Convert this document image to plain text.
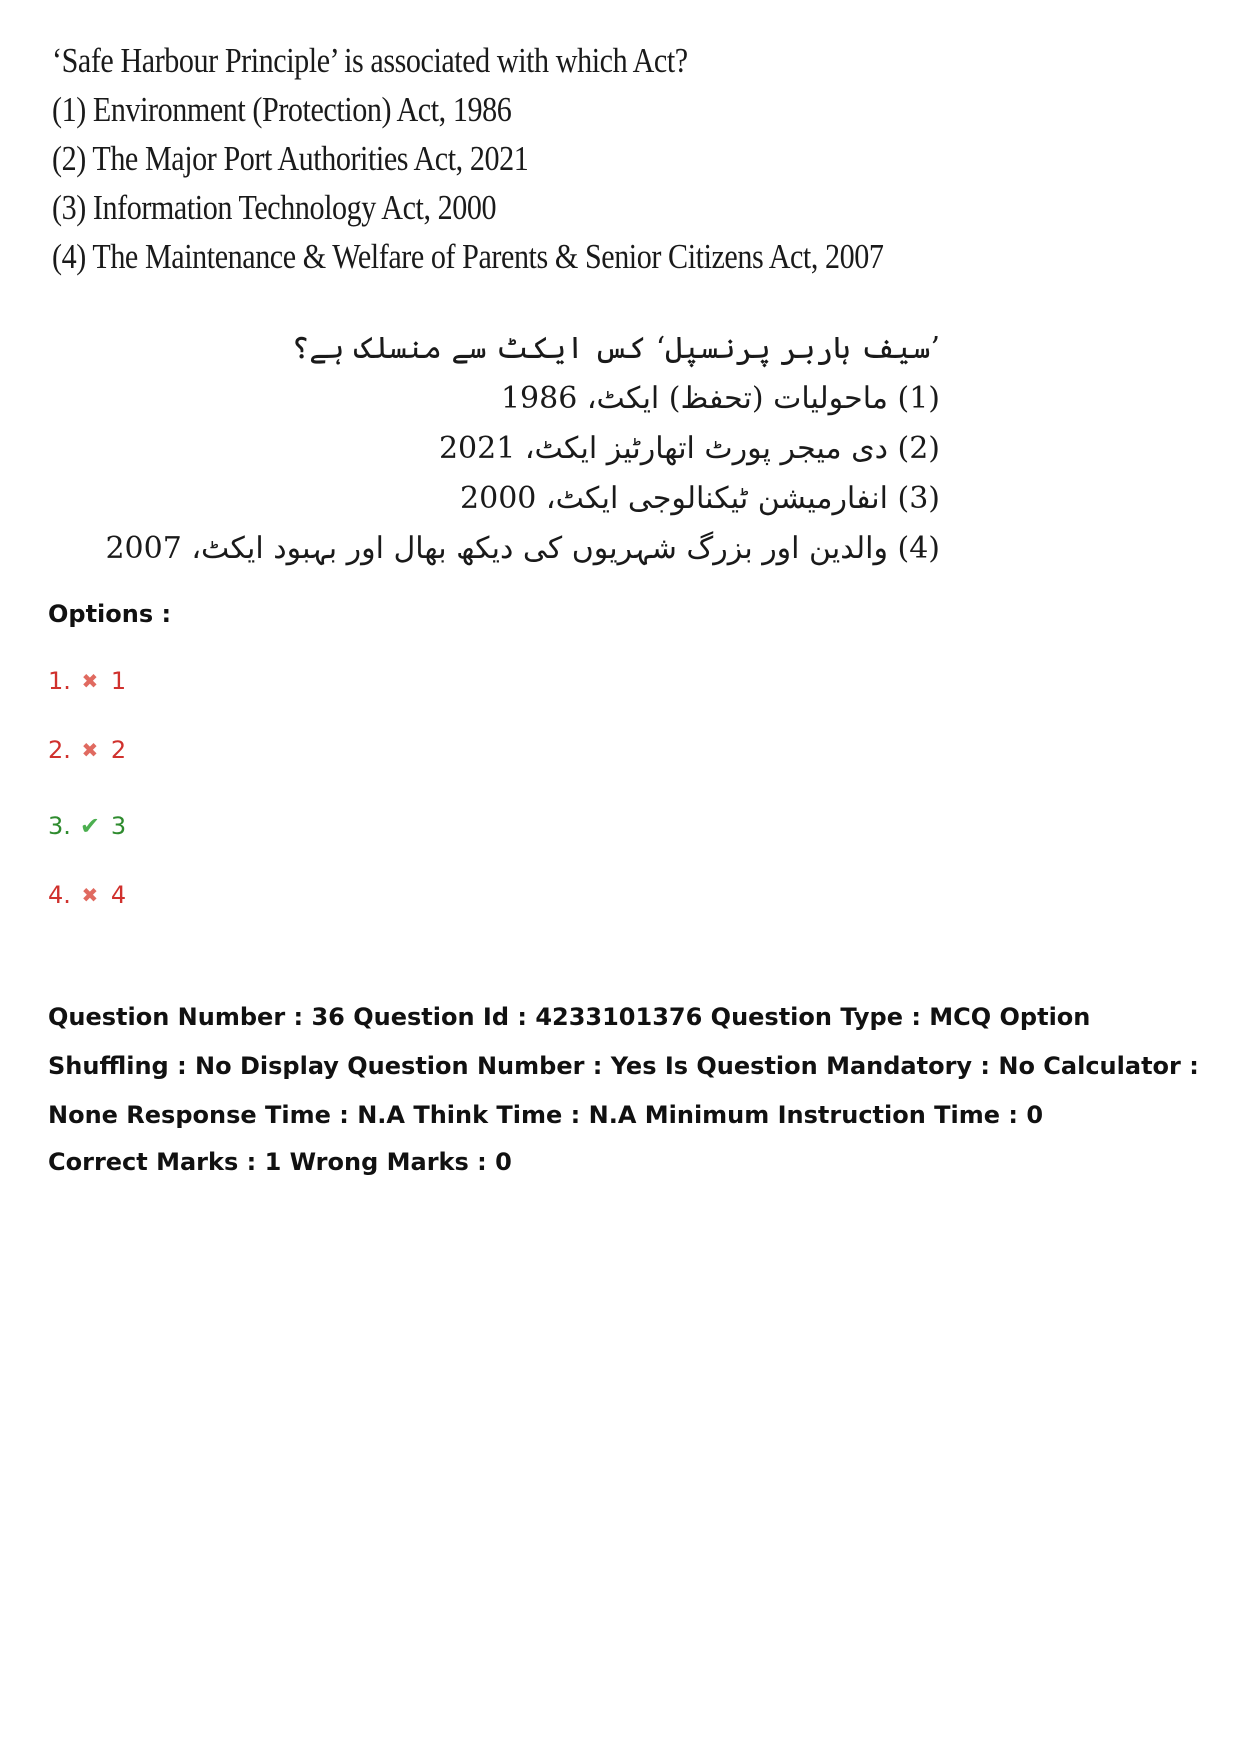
‘Safe Harbour Principle’ is associated with which Act?
(1) Environment (Protection) Act, 1986
(2) The Major Port Authorities Act, 2021
(3) Information Technology Act, 2000
(4) The Maintenance & Welfare of Parents & Senior Citizens Act, 2007
’سیف ہاربر پرنسپل‘ کس ایکٹ سے منسلک ہے؟
(1) ماحولیات (تحفظ) ایکٹ، 1986
(2) دی میجر پورٹ اتھارٹیز ایکٹ، 2021
(3) انفارمیشن ٹیکنالوجی ایکٹ، 2000
(4) والدین اور بزرگ شہریوں کی دیکھ بھال اور بہبود ایکٹ، 2007
Options :
1. ✖ 1
2. ✖ 2
3. ✔ 3
4. ✖ 4
Question Number : 36 Question Id : 4233101376 Question Type : MCQ Option Shuffling : No Display Question Number : Yes Is Question Mandatory : No Calculator : None Response Time : N.A Think Time : N.A Minimum Instruction Time : 0
Correct Marks : 1 Wrong Marks : 0
